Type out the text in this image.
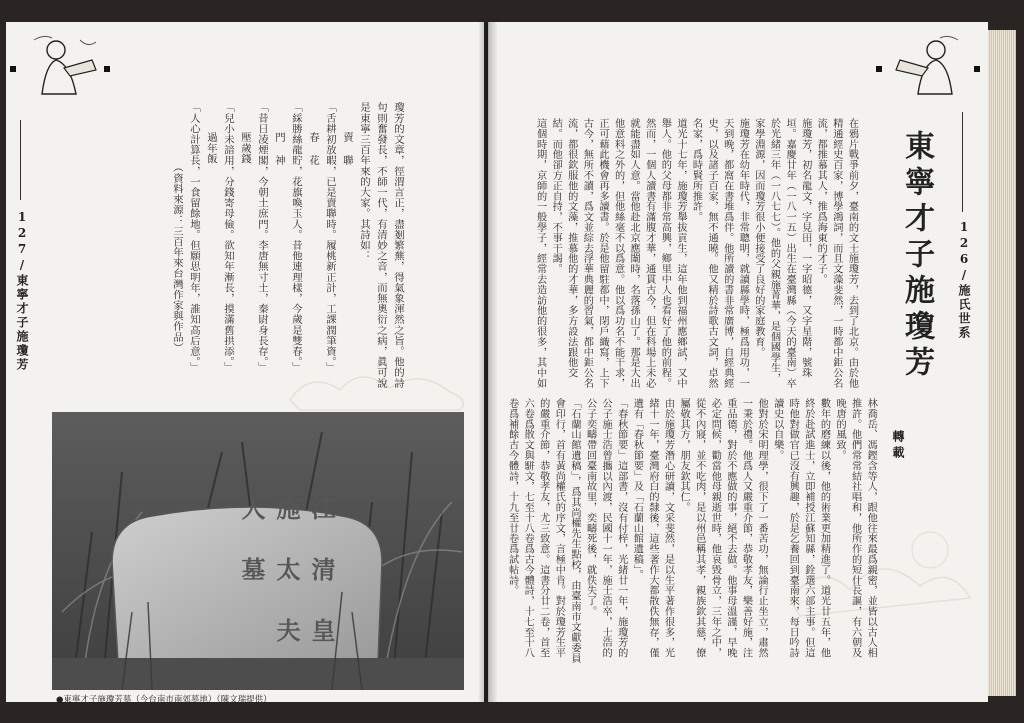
127/東寧才子施瓊芳	126/施氏世系
東寧才子施瓊芳
轉載

在鴉片戰爭前夕，臺南的文士施瓊芳，去到了北京。由於他精通經史百家，博學鴻詞，而且文藻斐然，一時都中鉅公名流，都推慕其人，推爲海東的才子。

施瓊芳，初名龍文，字見田，一字昭德，又字星階，號珠垣。嘉慶廿年（一八一五）出生在臺灣縣（今天的臺南）卒於光緒三年（一八七七）。他的父親施菁華，是個國學生，家學淵源，因而瓊芳很小便接受了良好的家庭教育。

施瓊芳在幼年時代，非常聰明，就讀縣學時，極爲用功，一天到晚，都窩在書堆爲伴。他所讀的書非常廣博，自經典經史，以及諸子百家，無不通曉。他又精於詩歌古文詞，卓然名家，爲時賢所推許。

道光十七年，施瓊芳舉拔貢生，這年他到福州應鄉試，又中舉人。他的父母都非常高興，鄉里中人也看好了他的前程。

然而，一個人讀書有滿腹才華，通貫古今，但在科場上未必就能盡如人意。當他赴北京應闈時，名落孫山了。那是大出他意料之外的，但他絲毫不以爲意。他以爲功名不能干求，正可藉此機會再多讀書。於是他留駐都中，閉戶織寫，上下古今，無所不讀，爲文並綜去浮華典麗的習氣，都中鉅公名流，都很欽服他的文藻，推慕他的才華，多方設法跟他交結。而他卻方正自持，不事干謁。

這個時期，京師的一般學子，經常去造訪他的很多，其中如

林喬岳、馮鏗含等人，跟他往來最爲親密，並皆以古人相推許。他們常常結社唱和，他所作的短什長謳，有六朝及晚唐的風致。

數年的磨練以後，他的術業更加精進了。道光廿五年，他終於赴試進士，立即補授江蘇知縣，銓選六部主事。但這時他對做官已沒有興趣，於是乞養回到臺南來，每日吟詩讀史以自樂。

他對於宋明理學，很下了一番苦功，無論行止坐立，肅然一秉於禮。他爲人又嚴重介節，恭敬孝友，樂善好施，注重品德，對於不應做的事，絕不去做。他事母溫謹，早晚必定問候，勸當他母親逝世時，他哀毀骨立，三年之中，從不內寢，並不吃肉，是以州邑稱其孝，親族欽其慈，僚屬敬其方，朋友欽其仁。

由於施瓊芳潛心研讀，文采斐然，是以生平著作很多，光緒十一年，臺灣府白的隸後，這些著作大都散佚無存，僅遺有「春秋節要」及「石蘭山館遺稿」。

「春秋節要」這部書，沒有付梓，光緒廿一年，施瓊芳的公子施士浩曾攜以內渡，民國十一年，施士浩卒，士浩的公子奕疇帶回臺南故里，奕疇死後，就佚失了。

「石蘭山館遺稿」，爲其尚權先生點校，由臺南市文獻委員會印行，首有黃尚權氏的序文，言極中肯。對於瓊芳生平的嚴重介節，恭敬孝友，尤三致意。這書分廿二卷，首至六卷爲散文與駢文，七至十八卷爲古今體詩，十七至十八卷爲補餘古今體詩，十九至廿卷爲試帖詩。

瓊芳的文章，徑渭言正，盡剗繁蕪，得氣象渾然之旨。他的詩句則奮發長，不師一代，有清妙之音，而無奧衍之病，眞可說是東寧三百年來的大家。其詩如：

賣 聯

「舌耕初放暇，已是賣聯時。履桃新正計，工課潤筆資。」

春 花

「綵勝絲龍貯，花旗喚玉人。昔他連理樣，今歲是雙春。」

門 神

「昔日凌煙閣，今朝土庶門。李唐無寸土，秦尉身長存。」

壓歲錢

「兒小未諳用，分錢寄母儉。欲知年漸長，摸滿舊拱添。」

過年飯

「人心計算長，一食留餘地。但願思明年，誰知高后意。」

（資料來源：三百年來台灣作家與作品）

江 清 皇 施 太 夫 人 墓
●東寧才子施瓊芳墓（今台南市南郊墓地）（陳文瑞提供）
